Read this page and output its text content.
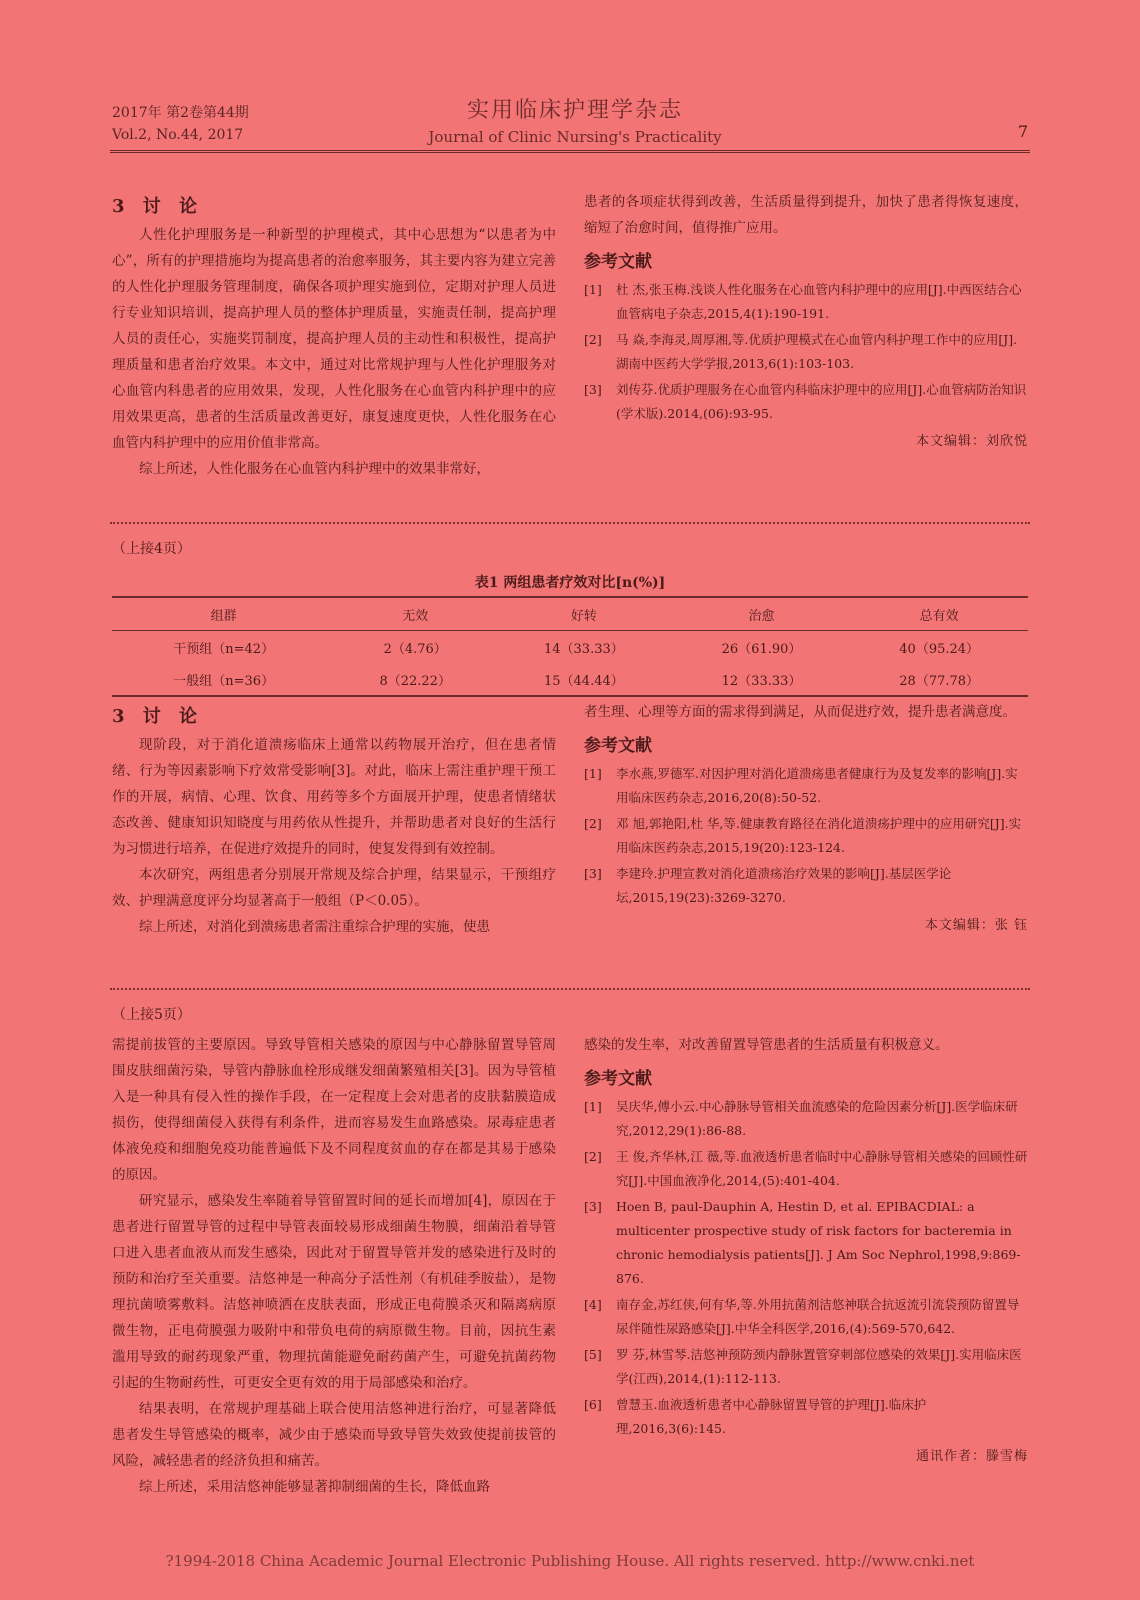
2017年 第2卷第44期
Vol.2, No.44, 2017
实用临床护理学杂志
Journal of Clinic Nursing's Practicality	7
3 讨 论

人性化护理服务是一种新型的护理模式，其中心思想为“以患者为中心”，所有的护理措施均为提高患者的治愈率服务，其主要内容为建立完善的人性化护理服务管理制度，确保各项护理实施到位，定期对护理人员进行专业知识培训，提高护理人员的整体护理质量，实施责任制，提高护理人员的责任心，实施奖罚制度，提高护理人员的主动性和积极性，提高护理质量和患者治疗效果。本文中，通过对比常规护理与人性化护理服务对心血管内科患者的应用效果，发现，人性化服务在心血管内科护理中的应用效果更高，患者的生活质量改善更好，康复速度更快，人性化服务在心血管内科护理中的应用价值非常高。

综上所述，人性化服务在心血管内科护理中的效果非常好，

患者的各项症状得到改善，生活质量得到提升，加快了患者得恢复速度，缩短了治愈时间，值得推广应用。

参考文献
[1]	杜 杰,张玉梅.浅谈人性化服务在心血管内科护理中的应用[J].中西医结合心血管病电子杂志,2015,4(1):190-191.
[2]	马 焱,李海灵,周厚湘,等.优质护理模式在心血管内科护理工作中的应用[J].湖南中医药大学学报,2013,6(1):103-103.
[3]	刘传芬.优质护理服务在心血管内科临床护理中的应用[J].心血管病防治知识(学术版).2014,(06):93-95.
本文编辑：刘欣悦
（上接4页）
表1 两组患者疗效对比[n(%)]
组群	无效	好转	治愈	总有效
干预组（n=42）	2（4.76）	14（33.33）	26（61.90）	40（95.24）
一般组（n=36）	8（22.22）	15（44.44）	12（33.33）	28（77.78）
3 讨 论

现阶段，对于消化道溃疡临床上通常以药物展开治疗，但在患者情绪、行为等因素影响下疗效常受影响[3]。对此，临床上需注重护理干预工作的开展，病情、心理、饮食、用药等多个方面展开护理，使患者情绪状态改善、健康知识知晓度与用药依从性提升，并帮助患者对良好的生活行为习惯进行培养，在促进疗效提升的同时，使复发得到有效控制。

本次研究，两组患者分别展开常规及综合护理，结果显示，干预组疗效、护理满意度评分均显著高于一般组（P＜0.05）。

综上所述，对消化到溃疡患者需注重综合护理的实施，使患

者生理、心理等方面的需求得到满足，从而促进疗效，提升患者满意度。

参考文献
[1]	李水燕,罗德军.对因护理对消化道溃疡患者健康行为及复发率的影响[J].实用临床医药杂志,2016,20(8):50-52.
[2]	邓 旭,郭艳阳,杜 华,等.健康教育路径在消化道溃疡护理中的应用研究[J].实用临床医药杂志,2015,19(20):123-124.
[3]	李建玲.护理宣教对消化道溃疡治疗效果的影响[J].基层医学论坛,2015,19(23):3269-3270.
本文编辑：张 钰
（上接5页）

需提前拔管的主要原因。导致导管相关感染的原因与中心静脉留置导管周围皮肤细菌污染，导管内静脉血栓形成继发细菌繁殖相关[3]。因为导管植入是一种具有侵入性的操作手段，在一定程度上会对患者的皮肤黏膜造成损伤，使得细菌侵入获得有利条件，进而容易发生血路感染。尿毒症患者体液免疫和细胞免疫功能普遍低下及不同程度贫血的存在都是其易于感染的原因。

研究显示，感染发生率随着导管留置时间的延长而增加[4]，原因在于患者进行留置导管的过程中导管表面较易形成细菌生物膜，细菌沿着导管口进入患者血液从而发生感染，因此对于留置导管并发的感染进行及时的预防和治疗至关重要。洁悠神是一种高分子活性剂（有机硅季胺盐），是物理抗菌喷雾敷料。洁悠神喷洒在皮肤表面，形成正电荷膜杀灭和隔离病原微生物，正电荷膜强力吸附中和带负电荷的病原微生物。目前，因抗生素滥用导致的耐药现象严重，物理抗菌能避免耐药菌产生，可避免抗菌药物引起的生物耐药性，可更安全更有效的用于局部感染和治疗。

结果表明，在常规护理基础上联合使用洁悠神进行治疗，可显著降低患者发生导管感染的概率，减少由于感染而导致导管失效致使提前拔管的风险，减轻患者的经济负担和痛苦。

综上所述，采用洁悠神能够显著抑制细菌的生长，降低血路

感染的发生率，对改善留置导管患者的生活质量有积极意义。

参考文献
[1]	吴庆华,傅小云.中心静脉导管相关血流感染的危险因素分析[J].医学临床研究,2012,29(1):86-88.
[2]	王 俊,齐华林,江 薇,等.血液透析患者临时中心静脉导管相关感染的回顾性研究[J].中国血液净化,2014,(5):401-404.
[3]	Hoen B, paul-Dauphin A, Hestin D, et al. EPIBACDIAL: a multicenter prospective study of risk factors for bacteremia in chronic hemodialysis patients[J]. J Am Soc Nephrol,1998,9:869-876.
[4]	南存金,苏红侠,何有华,等.外用抗菌剂洁悠神联合抗返流引流袋预防留置导尿伴随性尿路感染[J].中华全科医学,2016,(4):569-570,642.
[5]	罗 芬,林雪琴.洁悠神预防颈内静脉置管穿刺部位感染的效果[J].实用临床医学(江西),2014,(1):112-113.
[6]	曾慧玉.血液透析患者中心静脉留置导管的护理[J].临床护理,2016,3(6):145.
通讯作者：滕雪梅
?1994-2018 China Academic Journal Electronic Publishing House. All rights reserved. http://www.cnki.net
